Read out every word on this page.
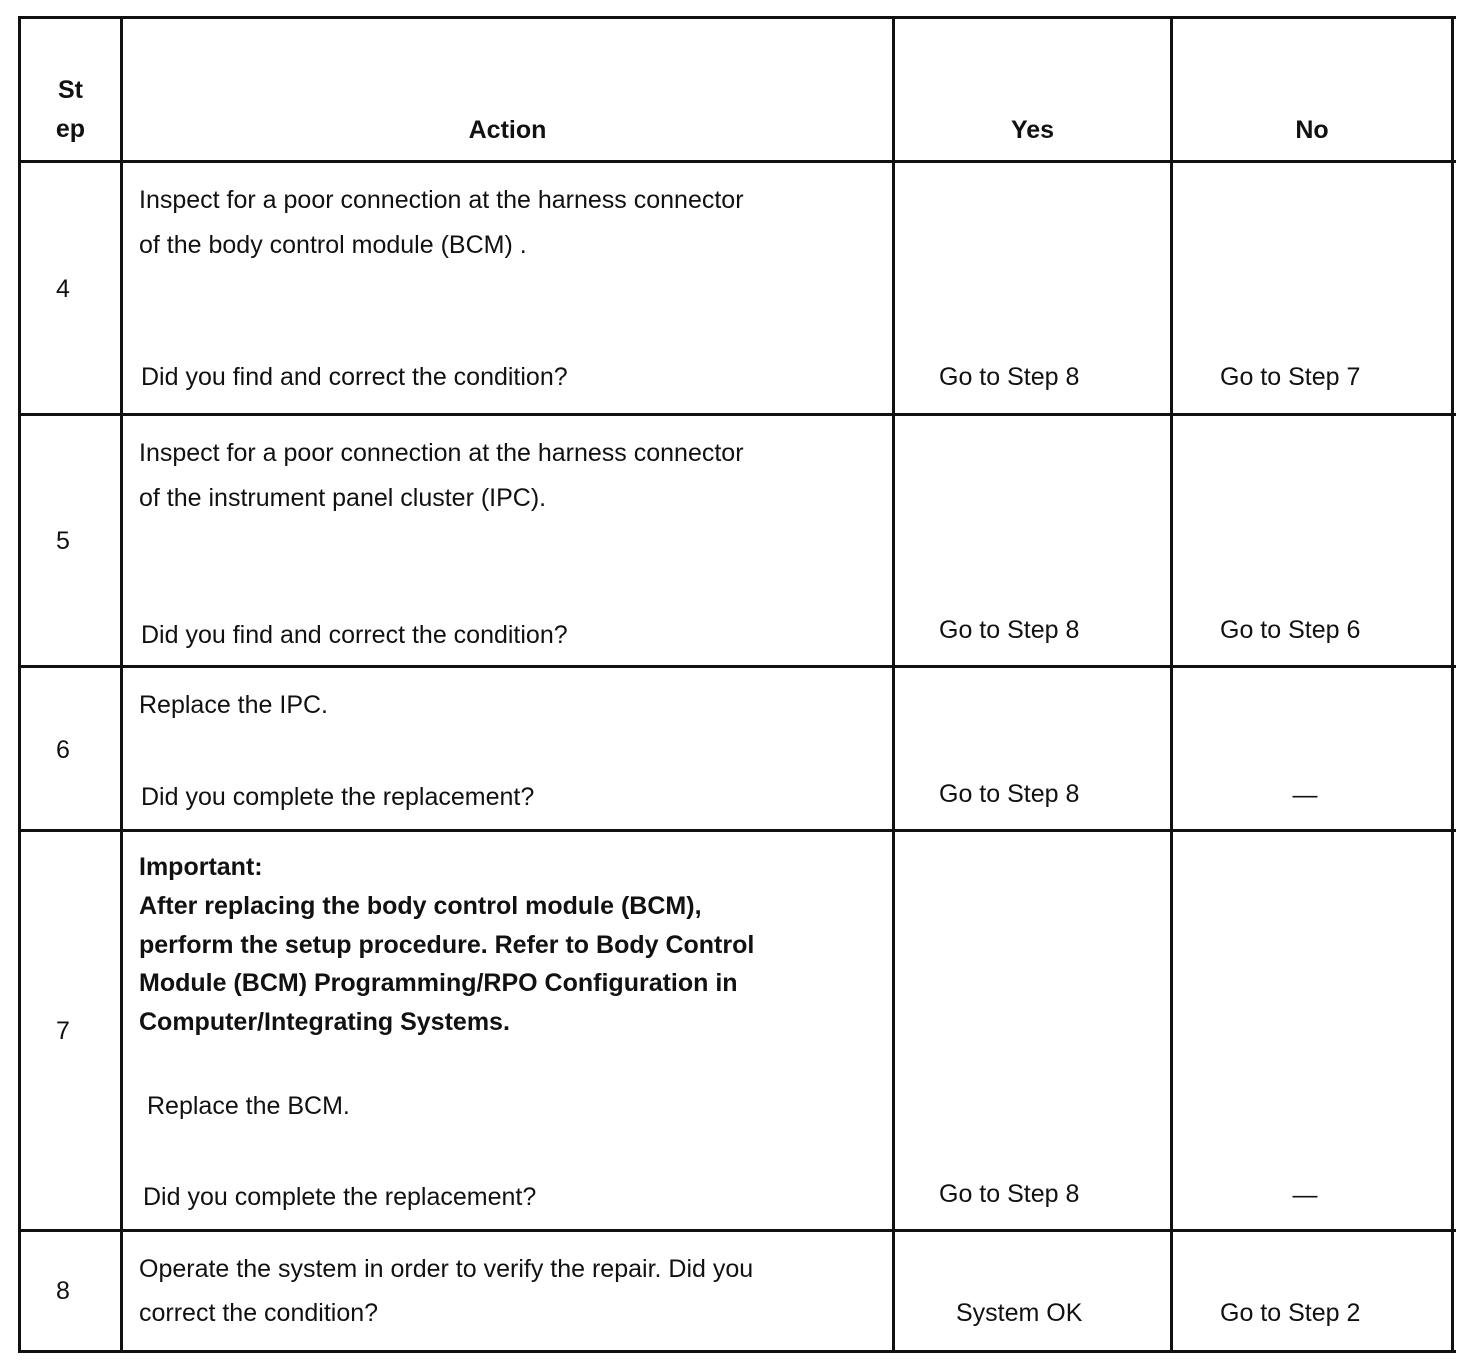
St
ep	Action	Yes	No
4
Inspect for a poor connection at the harness connector
of the body control module (BCM) .
Did you find and correct the condition?	Go to Step 8	Go to Step 7
5
Inspect for a poor connection at the harness connector
of the instrument panel cluster (IPC).
Did you find and correct the condition?	Go to Step 8	Go to Step 6
6
Replace the IPC.
Did you complete the replacement?	Go to Step 8	—
7
Important:
After replacing the body control module (BCM),
perform the setup procedure. Refer to Body Control
Module (BCM) Programming/RPO Configuration in
Computer/Integrating Systems.
Replace the BCM.
Did you complete the replacement?	Go to Step 8	—
8
Operate the system in order to verify the repair. Did you
correct the condition?	System OK	Go to Step 2
